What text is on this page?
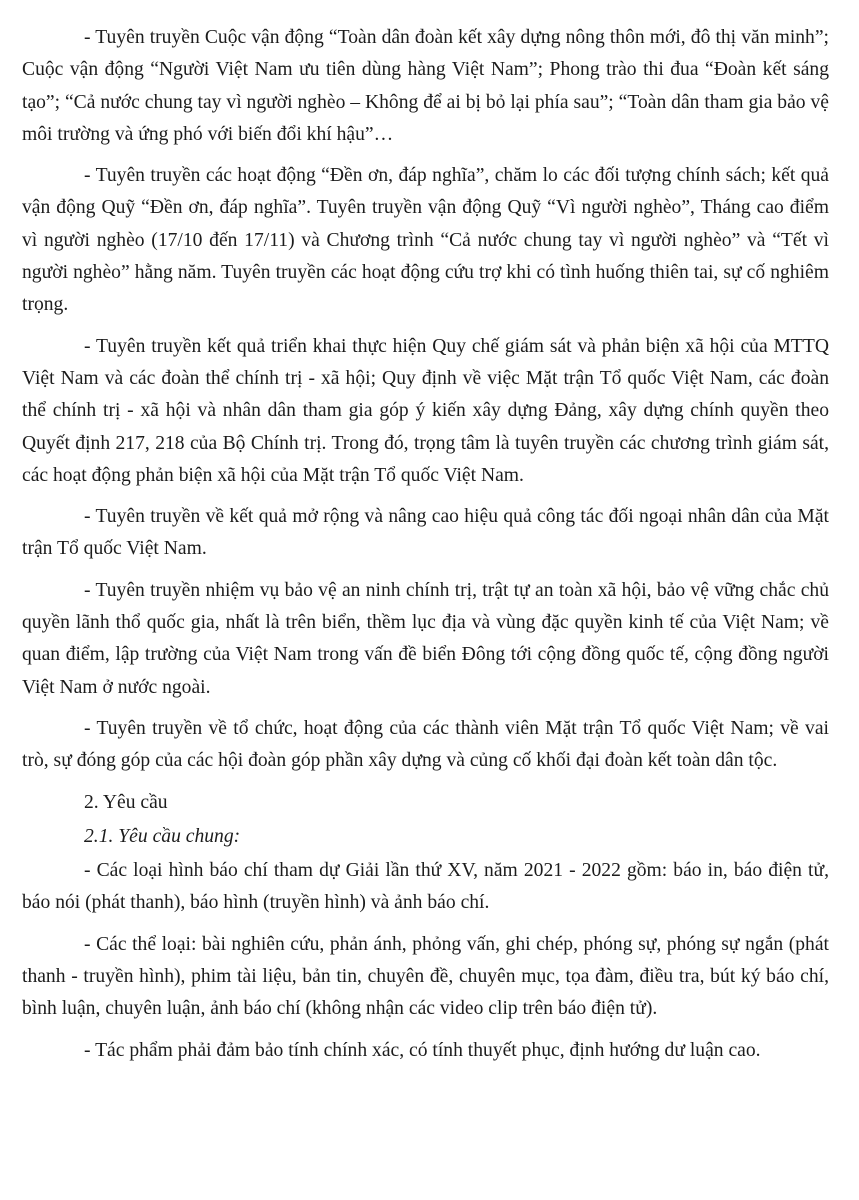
- Tuyên truyền Cuộc vận động “Toàn dân đoàn kết xây dựng nông thôn mới, đô thị văn minh”; Cuộc vận động “Người Việt Nam ưu tiên dùng hàng Việt Nam”; Phong trào thi đua “Đoàn kết sáng tạo”; “Cả nước chung tay vì người nghèo – Không để ai bị bỏ lại phía sau”; “Toàn dân tham gia bảo vệ môi trường và ứng phó với biến đổi khí hậu”…

- Tuyên truyền các hoạt động “Đền ơn, đáp nghĩa”, chăm lo các đối tượng chính sách; kết quả vận động Quỹ “Đền ơn, đáp nghĩa”. Tuyên truyền vận động Quỹ “Vì người nghèo”, Tháng cao điểm vì người nghèo (17/10 đến 17/11) và Chương trình “Cả nước chung tay vì người nghèo” và “Tết vì người nghèo” hằng năm. Tuyên truyền các hoạt động cứu trợ khi có tình huống thiên tai, sự cố nghiêm trọng.

- Tuyên truyền kết quả triển khai thực hiện Quy chế giám sát và phản biện xã hội của MTTQ Việt Nam và các đoàn thể chính trị - xã hội; Quy định về việc Mặt trận Tổ quốc Việt Nam, các đoàn thể chính trị - xã hội và nhân dân tham gia góp ý kiến xây dựng Đảng, xây dựng chính quyền theo Quyết định 217, 218 của Bộ Chính trị. Trong đó, trọng tâm là tuyên truyền các chương trình giám sát, các hoạt động phản biện xã hội của Mặt trận Tổ quốc Việt Nam.

- Tuyên truyền về kết quả mở rộng và nâng cao hiệu quả công tác đối ngoại nhân dân của Mặt trận Tổ quốc Việt Nam.

- Tuyên truyền nhiệm vụ bảo vệ an ninh chính trị, trật tự an toàn xã hội, bảo vệ vững chắc chủ quyền lãnh thổ quốc gia, nhất là trên biển, thềm lục địa và vùng đặc quyền kinh tế của Việt Nam; về quan điểm, lập trường của Việt Nam trong vấn đề biển Đông tới cộng đồng quốc tế, cộng đồng người Việt Nam ở nước ngoài.

- Tuyên truyền về tổ chức, hoạt động của các thành viên Mặt trận Tổ quốc Việt Nam; về vai trò, sự đóng góp của các hội đoàn góp phần xây dựng và củng cố khối đại đoàn kết toàn dân tộc.

2. Yêu cầu

2.1. Yêu cầu chung:

- Các loại hình báo chí tham dự Giải lần thứ XV, năm 2021 - 2022 gồm: báo in, báo điện tử, báo nói (phát thanh), báo hình (truyền hình) và ảnh báo chí.

- Các thể loại: bài nghiên cứu, phản ánh, phỏng vấn, ghi chép, phóng sự, phóng sự ngắn (phát thanh - truyền hình), phim tài liệu, bản tin, chuyên đề, chuyên mục, tọa đàm, điều tra, bút ký báo chí, bình luận, chuyên luận, ảnh báo chí (không nhận các video clip trên báo điện tử).

- Tác phẩm phải đảm bảo tính chính xác, có tính thuyết phục, định hướng dư luận cao.
